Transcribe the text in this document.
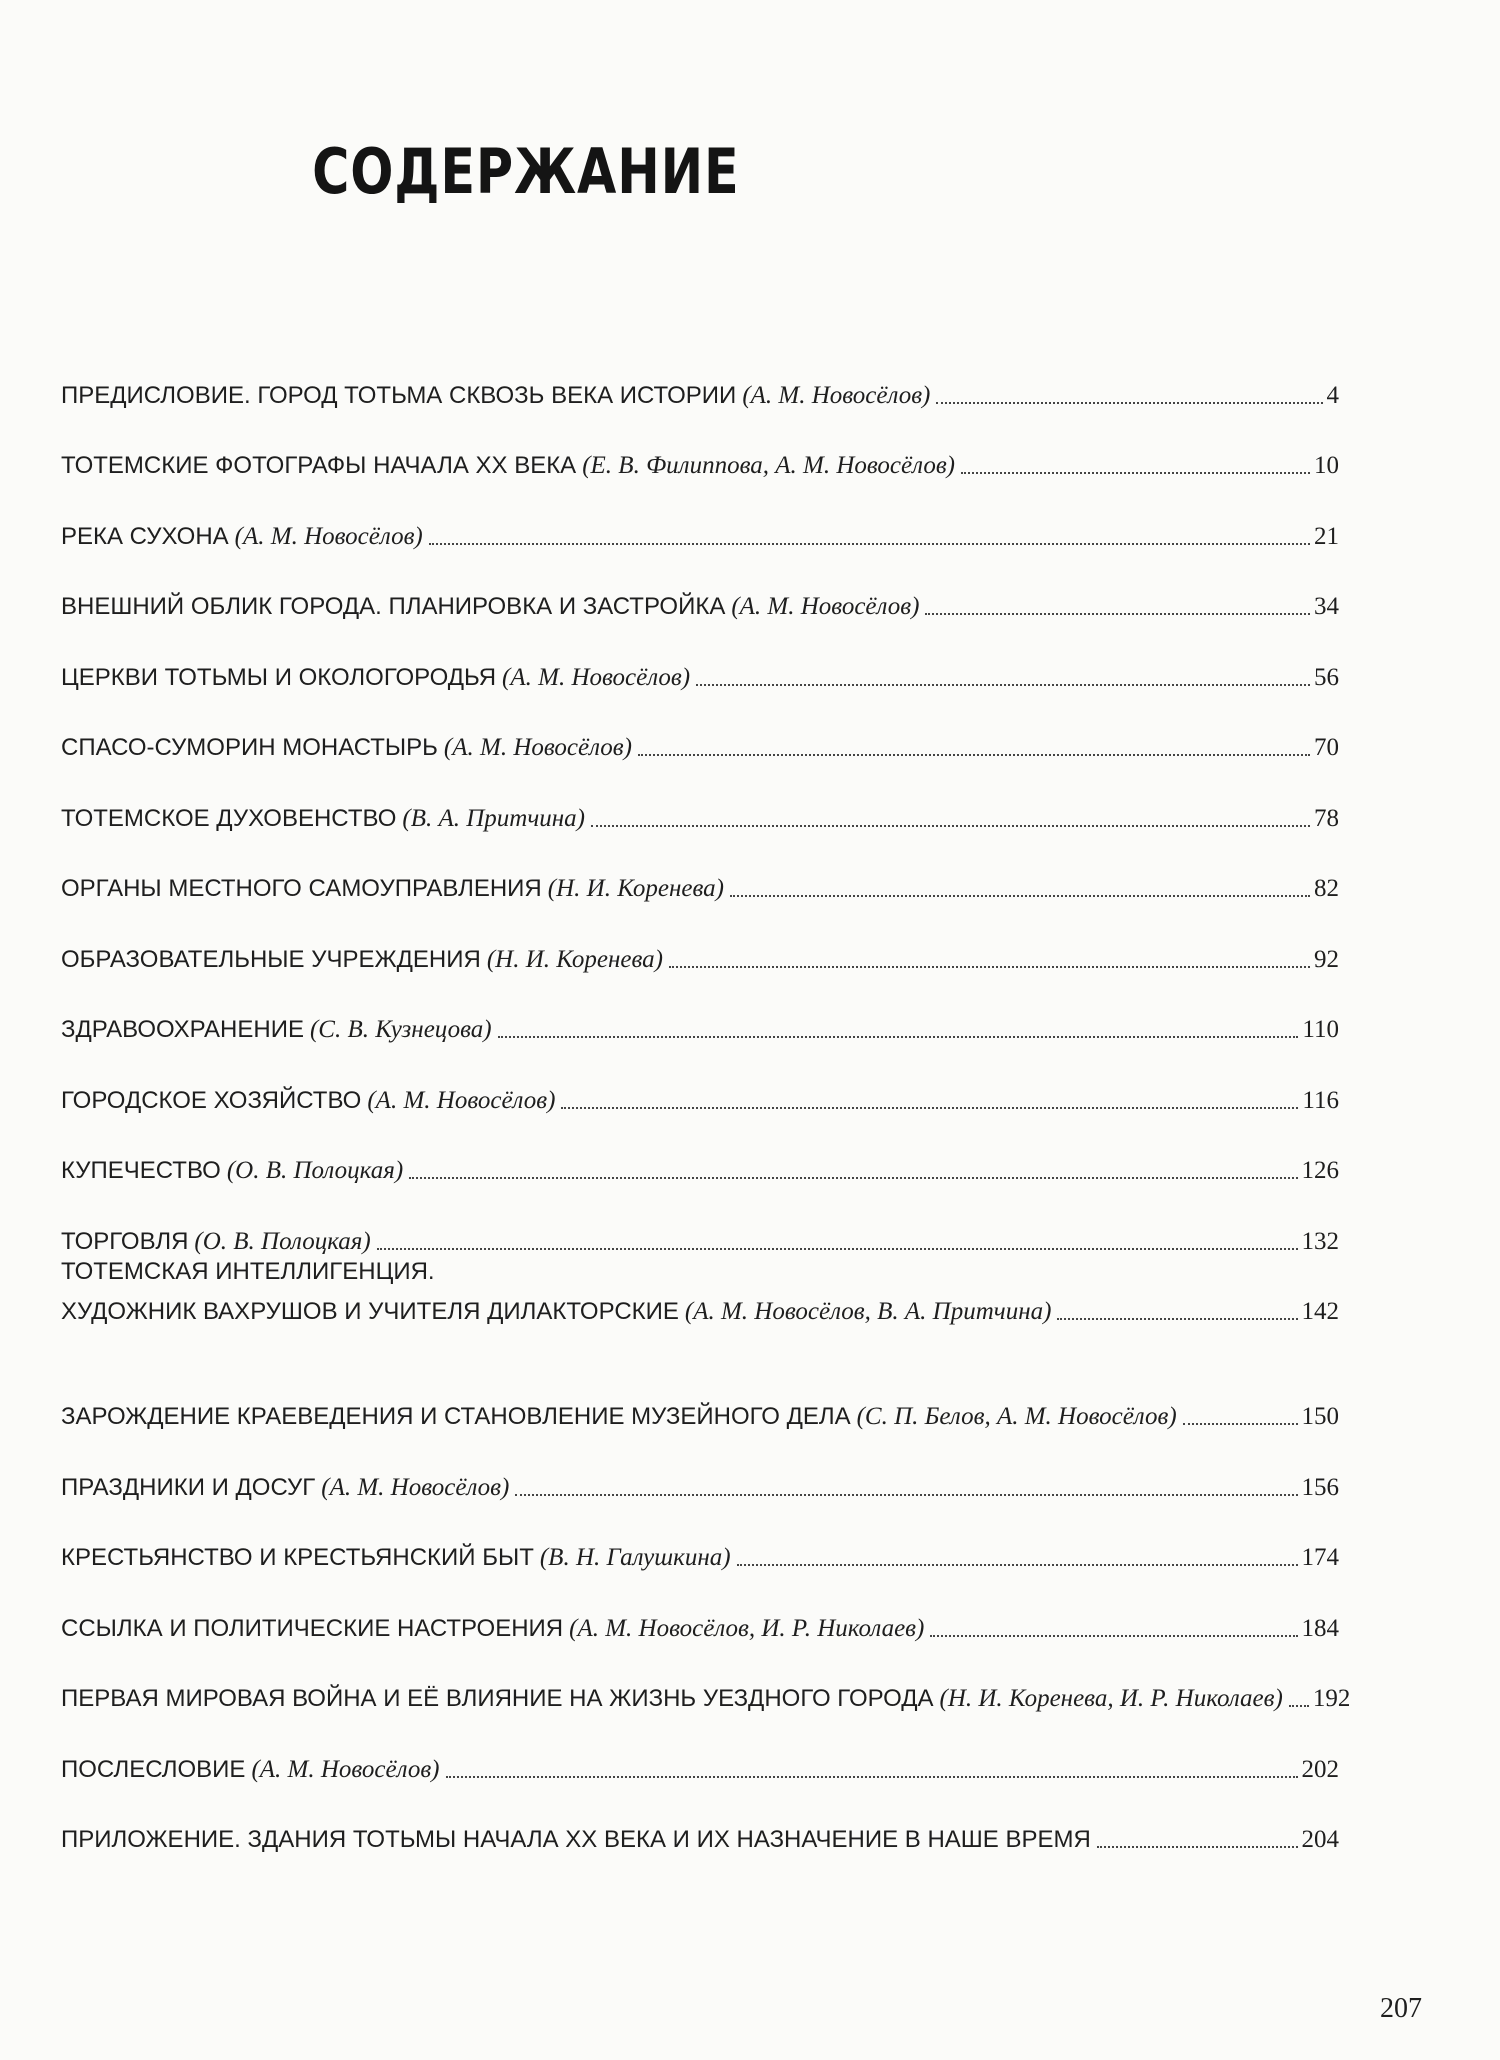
СОДЕРЖАНИЕ
ПРЕДИСЛОВИЕ. ГОРОД ТОТЬМА СКВОЗЬ ВЕКА ИСТОРИИ (А. М. Новосёлов)	4
ТОТЕМСКИЕ ФОТОГРАФЫ НАЧАЛА XX ВЕКА (Е. В. Филиппова, А. М. Новосёлов)	10
РЕКА СУХОНА (А. М. Новосёлов)	21
ВНЕШНИЙ ОБЛИК ГОРОДА. ПЛАНИРОВКА И ЗАСТРОЙКА (А. М. Новосёлов)	34
ЦЕРКВИ ТОТЬМЫ И ОКОЛОГОРОДЬЯ (А. М. Новосёлов)	56
СПАСО-СУМОРИН МОНАСТЫРЬ (А. М. Новосёлов)	70
ТОТЕМСКОЕ ДУХОВЕНСТВО (В. А. Притчина)	78
ОРГАНЫ МЕСТНОГО САМОУПРАВЛЕНИЯ (Н. И. Коренева)	82
ОБРАЗОВАТЕЛЬНЫЕ УЧРЕЖДЕНИЯ (Н. И. Коренева)	92
ЗДРАВООХРАНЕНИЕ (С. В. Кузнецова)	110
ГОРОДСКОЕ ХОЗЯЙСТВО (А. М. Новосёлов)	116
КУПЕЧЕСТВО (О. В. Полоцкая)	126
ТОРГОВЛЯ (О. В. Полоцкая)	132
ТОТЕМСКАЯ ИНТЕЛЛИГЕНЦИЯ.
ХУДОЖНИК ВАХРУШОВ И УЧИТЕЛЯ ДИЛАКТОРСКИЕ (А. М. Новосёлов, В. А. Притчина)	142
ЗАРОЖДЕНИЕ КРАЕВЕДЕНИЯ И СТАНОВЛЕНИЕ МУЗЕЙНОГО ДЕЛА (С. П. Белов, А. М. Новосёлов)	150
ПРАЗДНИКИ И ДОСУГ (А. М. Новосёлов)	156
КРЕСТЬЯНСТВО И КРЕСТЬЯНСКИЙ БЫТ (В. Н. Галушкина)	174
ССЫЛКА И ПОЛИТИЧЕСКИЕ НАСТРОЕНИЯ (А. М. Новосёлов, И. Р. Николаев)	184
ПЕРВАЯ МИРОВАЯ ВОЙНА И ЕЁ ВЛИЯНИЕ НА ЖИЗНЬ УЕЗДНОГО ГОРОДА (Н. И. Коренева, И. Р. Николаев) 192
ПОСЛЕСЛОВИЕ (А. М. Новосёлов)	202
ПРИЛОЖЕНИЕ. ЗДАНИЯ ТОТЬМЫ НАЧАЛА XX ВЕКА И ИХ НАЗНАЧЕНИЕ В НАШЕ ВРЕМЯ	204
207
